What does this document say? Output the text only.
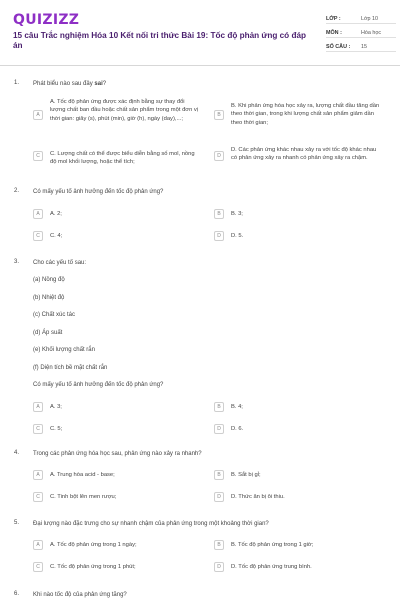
QUIZIZZ
15 câu Trắc nghiệm Hóa 10 Kết nối tri thức Bài 19: Tốc độ phản ứng có đáp án
LỚP :	Lớp 10
MÔN :	Hóa học
SỐ CÂU : 15
1. Phát biểu nào sau đây sai?
A
A. Tốc độ phản ứng được xác định bằng sự thay đổi lượng chất ban đầu hoặc chất sản phẩm trong một đơn vị thời gian: giây (s), phút (min), giờ (h), ngày (day),...;
B
B. Khi phản ứng hóa học xảy ra, lượng chất đầu tăng dần theo thời gian, trong khi lượng chất sản phẩm giảm dần theo thời gian;
C	C. Lượng chất có thể được biểu diễn bằng số mol, nồng độ mol khối lượng, hoặc thể tích;
D
D. Các phản ứng khác nhau xảy ra với tốc độ khác nhau có phản ứng xảy ra nhanh có phản ứng xảy ra chậm.
2. Có mấy yếu tố ảnh hưởng đến tốc độ phản ứng?
A	A. 2;	B	B. 3;
C	C. 4;	D	D. 5.
3. Cho các yếu tố sau:
(a) Nồng độ
(b) Nhiệt độ
(c) Chất xúc tác
(d) Áp suất
(e) Khối lượng chất rắn
(f) Diện tích bề mặt chất rắn
Có mấy yếu tố ảnh hưởng đến tốc độ phản ứng?
A	A. 3;	B	B. 4;
C	C. 5;	D	D. 6.
4. Trong các phản ứng hóa học sau, phản ứng nào xảy ra nhanh?
A	A. Trung hòa acid - base;	B	B. Sắt bị gỉ;
C	C. Tinh bột lên men rượu;	D	D. Thức ăn bị ôi thiu.
5. Đại lượng nào đặc trưng cho sự nhanh chậm của phản ứng trong một khoảng thời gian?
A	A. Tốc độ phản ứng trong 1 ngày;	B	B. Tốc độ phản ứng trong 1 giờ;
C	C. Tốc độ phản ứng trong 1 phút;	D	D. Tốc độ phản ứng trung bình.
6. Khi nào tốc độ của phản ứng tăng?
